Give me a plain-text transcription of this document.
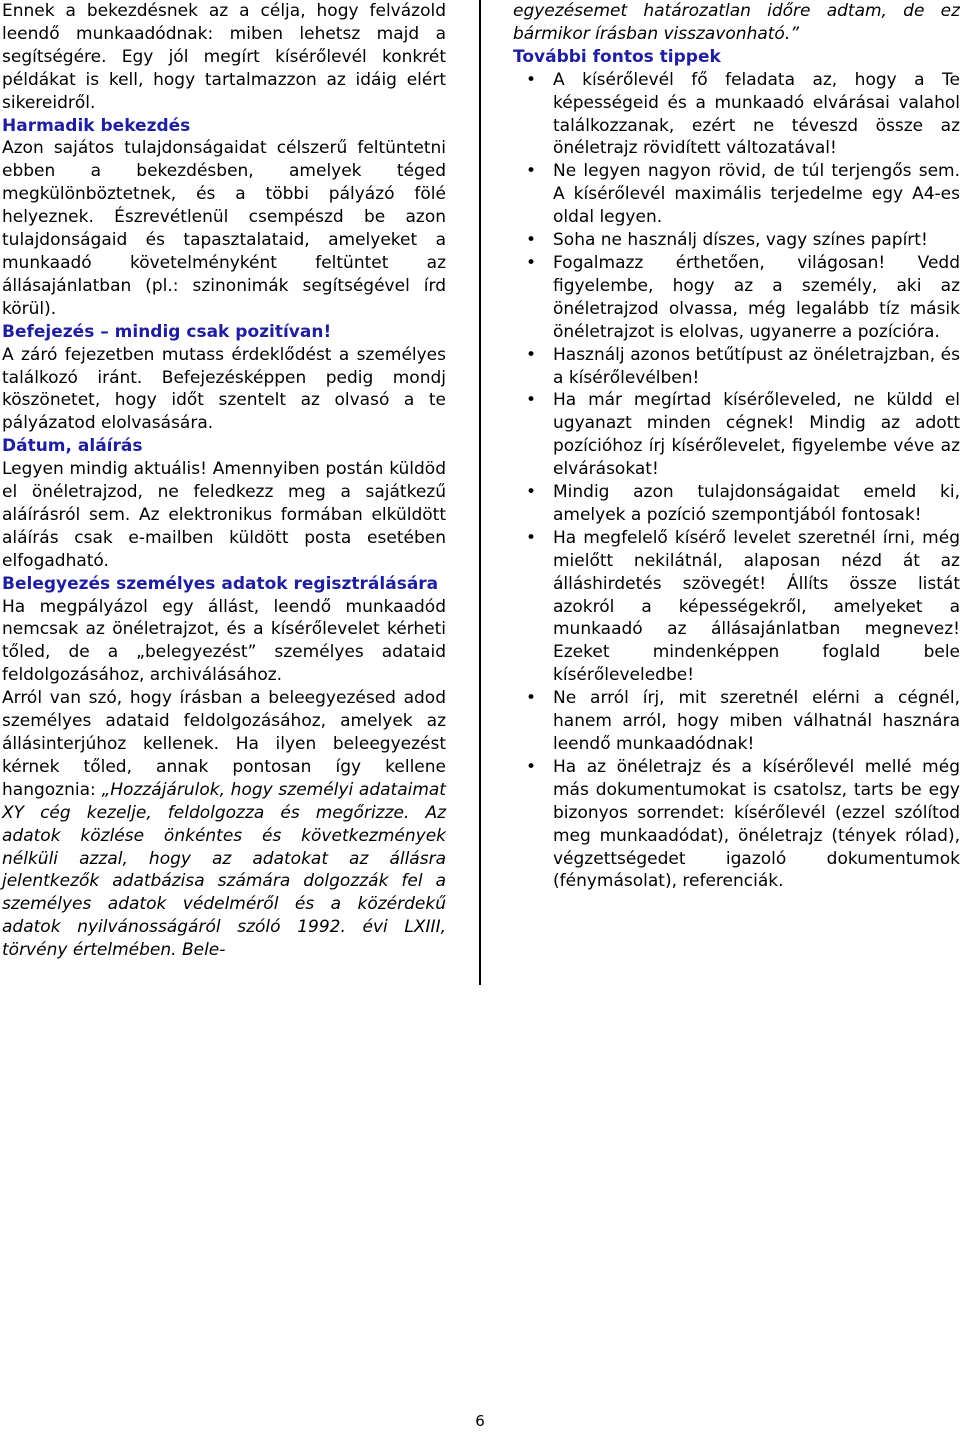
Ennek a bekezdésnek az a célja, hogy felvázold leendő munkaadódnak: miben lehetsz majd a segítségére. Egy jól megírt kísérőlevél konkrét példákat is kell, hogy tartalmazzon az idáig elért sikereidről.

Harmadik bekezdés

Azon sajátos tulajdonságaidat célszerű feltüntetni ebben a bekezdésben, amelyek téged megkülönböztetnek, és a többi pályázó fölé helyeznek. Észrevétlenül csempészd be azon tulajdonságaid és tapasztalataid, amelyeket a munkaadó követelményként feltüntet az állásajánlatban (pl.: szinonimák segítségével írd körül).

Befejezés – mindig csak pozitívan!

A záró fejezetben mutass érdeklődést a személyes találkozó iránt. Befejezésképpen pedig mondj köszönetet, hogy időt szentelt az olvasó a te pályázatod elolvasására.

Dátum, aláírás

Legyen mindig aktuális! Amennyiben postán küldöd el önéletrajzod, ne feledkezz meg a sajátkezű aláírásról sem. Az elektronikus formában elküldött aláírás csak e-mailben küldött posta esetében elfogadható.

Belegyezés személyes adatok regisztrálására

Ha megpályázol egy állást, leendő munkaadód nemcsak az önéletrajzot, és a kísérőlevelet kérheti tőled, de a „belegyezést” személyes adataid feldolgozásához, archiválásához.

Arról van szó, hogy írásban a beleegyezésed adod személyes adataid feldolgozásához, amelyek az állásinterjúhoz kellenek. Ha ilyen beleegyezést kérnek tőled, annak pontosan így kellene hangoznia: „Hozzájárulok, hogy személyi adataimat XY cég kezelje, feldolgozza és megőrizze. Az adatok közlése önkéntes és következmények nélküli azzal, hogy az adatokat az állásra jelentkezők adatbázisa számára dolgozzák fel a személyes adatok védelméről és a közérdekű adatok nyilvánosságáról szóló 1992. évi LXIII, törvény értelmében. Bele-

egyezésemet határozatlan időre adtam, de ez bármikor írásban visszavonható.”

További fontos tippek

• A kísérőlevél fő feladata az, hogy a Te képességeid és a munkaadó elvárásai valahol találkozzanak, ezért ne téveszd össze az önéletrajz rövidített változatával!
• Ne legyen nagyon rövid, de túl terjengős sem. A kísérőlevél maximális terjedelme egy A4-es oldal legyen.
• Soha ne használj díszes, vagy színes papírt!
• Fogalmazz érthetően, világosan! Vedd figyelembe, hogy az a személy, aki az önéletrajzod olvassa, még legalább tíz másik önéletrajzot is elolvas, ugyanerre a pozícióra.
• Használj azonos betűtípust az önéletrajzban, és a kísérőlevélben!
• Ha már megírtad kísérőleveled, ne küldd el ugyanazt minden cégnek! Mindig az adott pozícióhoz írj kísérőlevelet, figyelembe véve az elvárásokat!
• Mindig azon tulajdonságaidat emeld ki, amelyek a pozíció szempontjából fontosak!
• Ha megfelelő kísérő levelet szeretnél írni, még mielőtt nekilátnál, alaposan nézd át az álláshirdetés szövegét! Állíts össze listát azokról a képességekről, amelyeket a munkaadó az állásajánlatban megnevez! Ezeket mindenképpen foglald bele kísérőleveledbe!
• Ne arról írj, mit szeretnél elérni a cégnél, hanem arról, hogy miben válhatnál hasznára leendő munkaadódnak!
• Ha az önéletrajz és a kísérőlevél mellé még más dokumentumokat is csatolsz, tarts be egy bizonyos sorrendet: kísérőlevél (ezzel szólítod meg munkaadódat), önéletrajz (tények rólad), végzettségedet igazoló dokumentumok (fénymásolat), referenciák.
6
